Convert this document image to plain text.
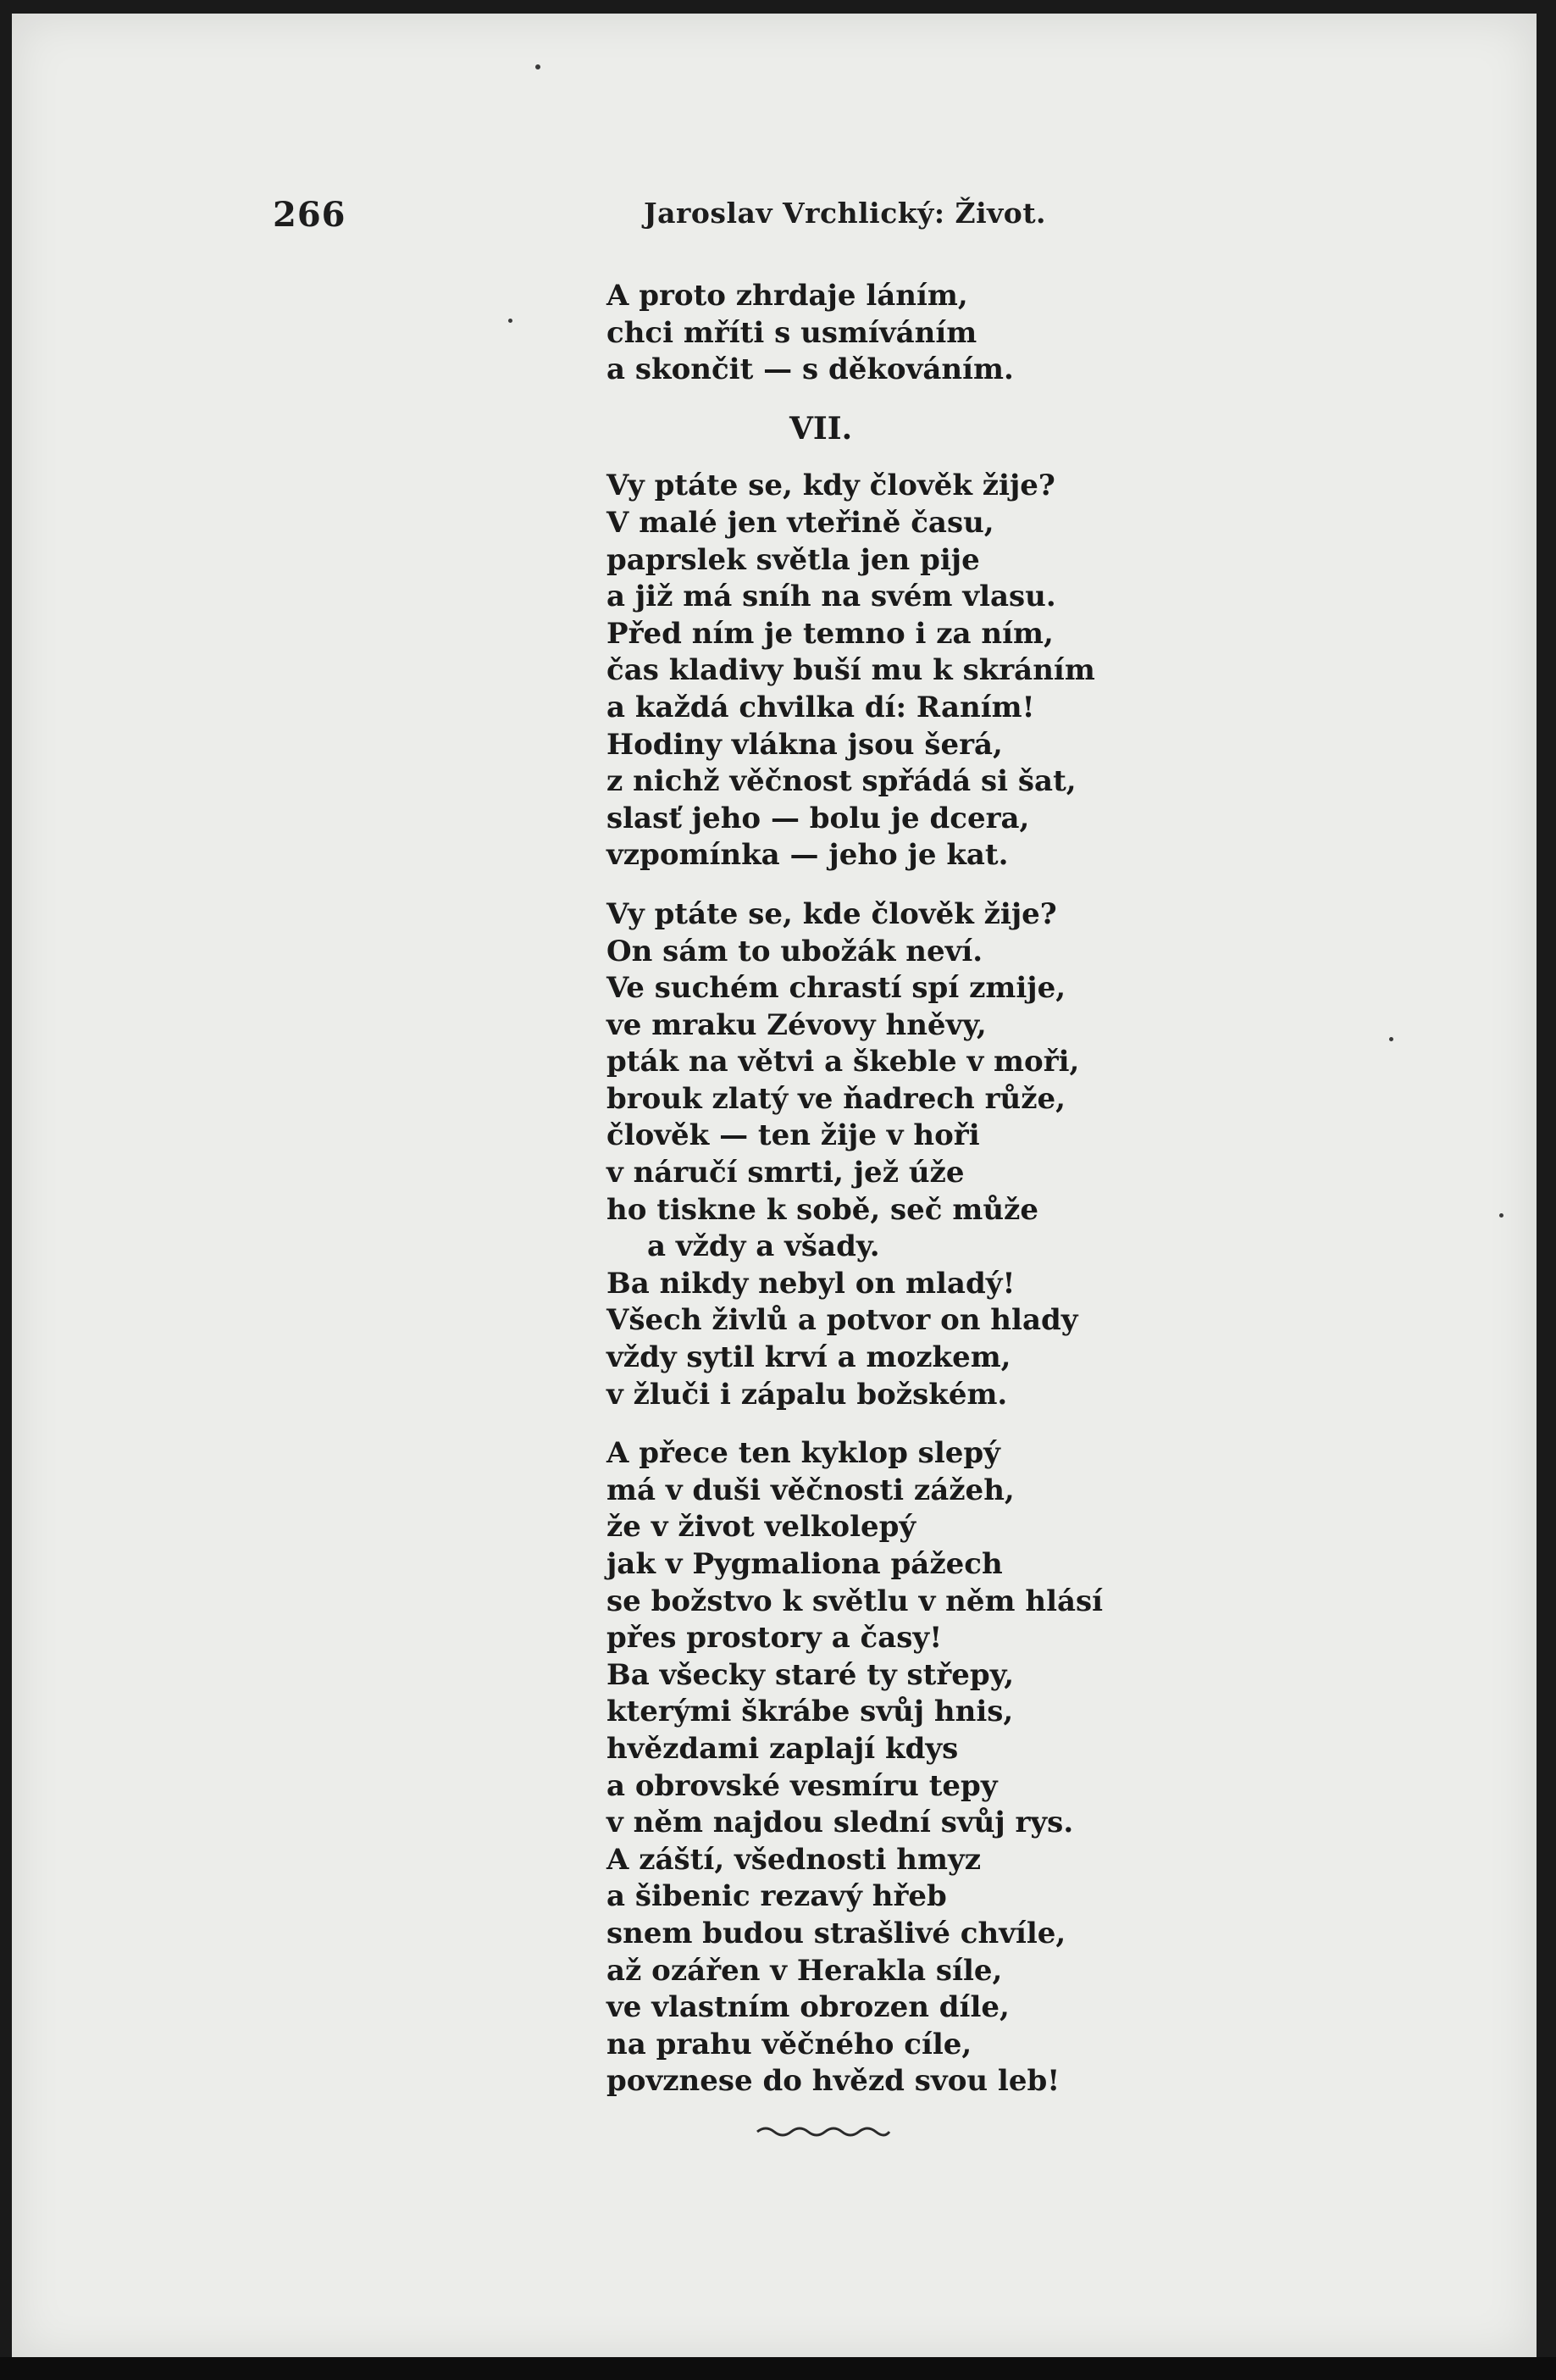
266	Jaroslav Vrchlický: Život.
A proto zhrdaje láním,
chci mříti s usmíváním
a skončit — s děkováním.
VII.
Vy ptáte se, kdy člověk žije?
V malé jen vteřině času,
paprslek světla jen pije
a již má sníh na svém vlasu.
Před ním je temno i za ním,
čas kladivy buší mu k skráním
a každá chvilka dí: Raním!
Hodiny vlákna jsou šerá,
z nichž věčnost spřádá si šat,
slasť jeho — bolu je dcera,
vzpomínka — jeho je kat.
Vy ptáte se, kde člověk žije?
On sám to ubožák neví.
Ve suchém chrastí spí zmije,
ve mraku Zévovy hněvy,
pták na větvi a škeble v moři,
brouk zlatý ve ňadrech růže,
člověk — ten žije v hoři
v náručí smrti, jež úže
ho tiskne k sobě, seč může
a vždy a všady.
Ba nikdy nebyl on mladý!
Všech živlů a potvor on hlady
vždy sytil krví a mozkem,
v žluči i zápalu božském.
A přece ten kyklop slepý
má v duši věčnosti zážeh,
že v život velkolepý
jak v Pygmaliona pážech
se božstvo k světlu v něm hlásí
přes prostory a časy!
Ba všecky staré ty střepy,
kterými škrábe svůj hnis,
hvězdami zaplají kdys
a obrovské vesmíru tepy
v něm najdou slední svůj rys.
A záští, všednosti hmyz
a šibenic rezavý hřeb
snem budou strašlivé chvíle,
až ozářen v Herakla síle,
ve vlastním obrozen díle,
na prahu věčného cíle,
povznese do hvězd svou leb!
